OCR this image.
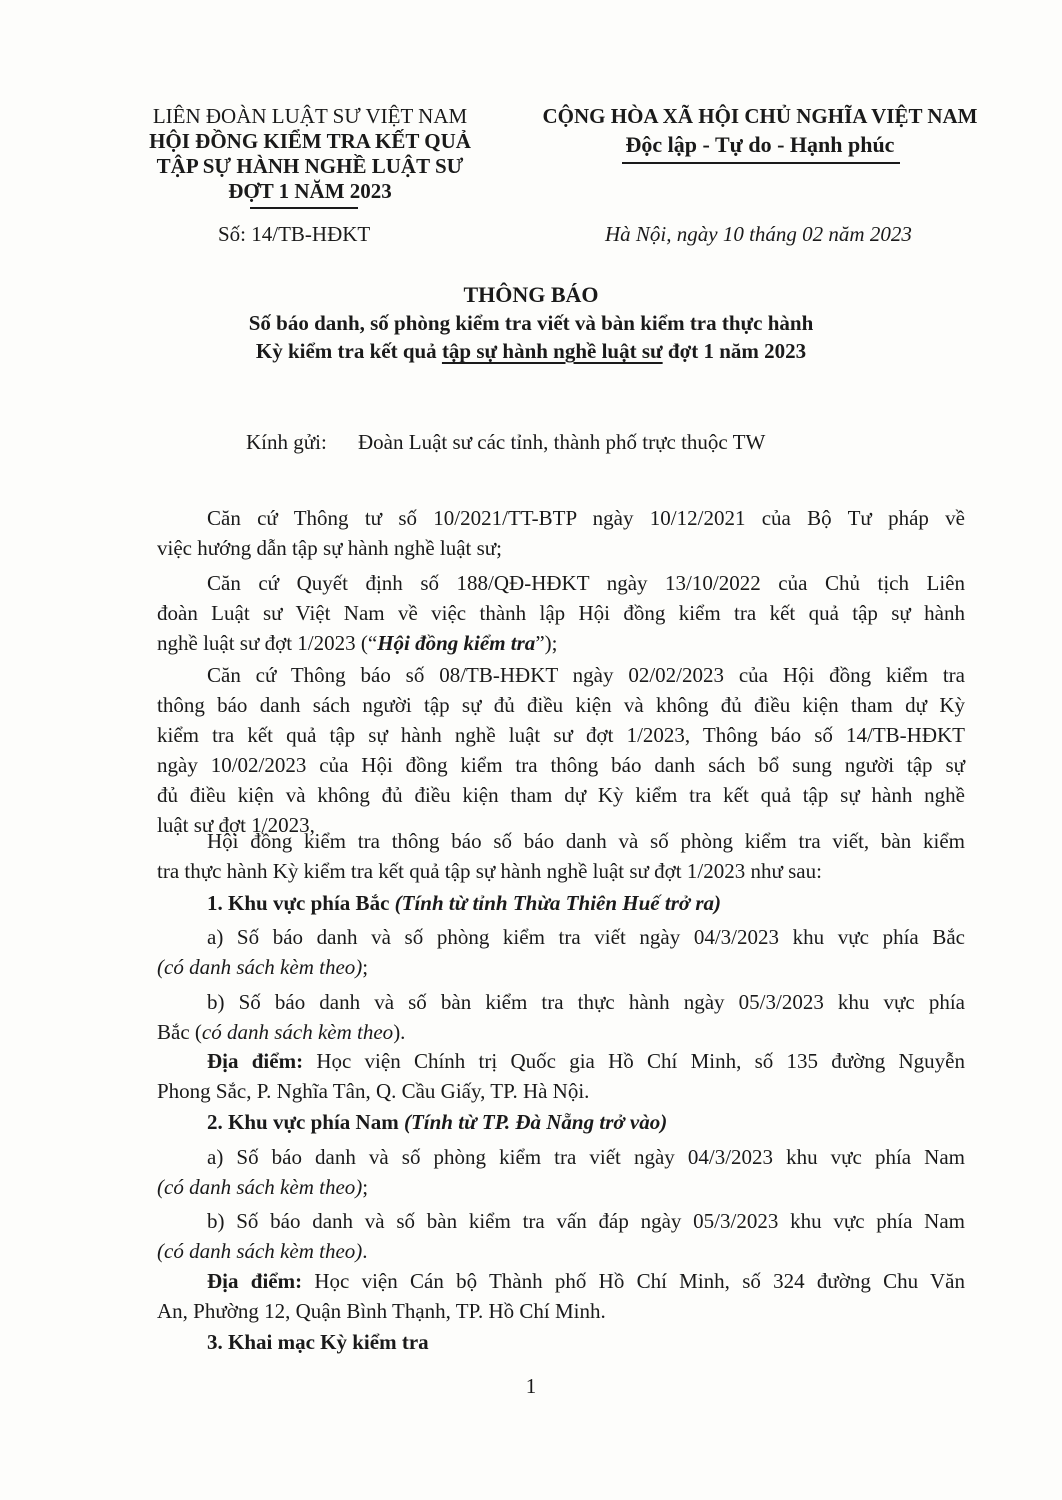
LIÊN ĐOÀN LUẬT SƯ VIỆT NAM
HỘI ĐỒNG KIỂM TRA KẾT QUẢ
TẬP SỰ HÀNH NGHỀ LUẬT SƯ
ĐỢT 1 NĂM 2023
CỘNG HÒA XÃ HỘI CHỦ NGHĨA VIỆT NAM
Độc lập - Tự do - Hạnh phúc
Số: 14/TB-HĐKT	Hà Nội, ngày 10 tháng 02 năm 2023
THÔNG BÁO
Số báo danh, số phòng kiểm tra viết và bàn kiểm tra thực hành
Kỳ kiểm tra kết quả tập sự hành nghề luật sư đợt 1 năm 2023
Kính gửi: Đoàn Luật sư các tỉnh, thành phố trực thuộc TW
Căn cứ Thông tư số 10/2021/TT-BTP ngày 10/12/2021 của Bộ Tư pháp về
việc hướng dẫn tập sự hành nghề luật sư;
Căn cứ Quyết định số 188/QĐ-HĐKT ngày 13/10/2022 của Chủ tịch Liên
đoàn Luật sư Việt Nam về việc thành lập Hội đồng kiểm tra kết quả tập sự hành
nghề luật sư đợt 1/2023 (“Hội đồng kiểm tra”);
Căn cứ Thông báo số 08/TB-HĐKT ngày 02/02/2023 của Hội đồng kiểm tra
thông báo danh sách người tập sự đủ điều kiện và không đủ điều kiện tham dự Kỳ
kiểm tra kết quả tập sự hành nghề luật sư đợt 1/2023, Thông báo số 14/TB-HĐKT
ngày 10/02/2023 của Hội đồng kiểm tra thông báo danh sách bổ sung người tập sự
đủ điều kiện và không đủ điều kiện tham dự Kỳ kiểm tra kết quả tập sự hành nghề
luật sư đợt 1/2023,
Hội đồng kiểm tra thông báo số báo danh và số phòng kiểm tra viết, bàn kiểm
tra thực hành Kỳ kiểm tra kết quả tập sự hành nghề luật sư đợt 1/2023 như sau:
1. Khu vực phía Bắc (Tính từ tỉnh Thừa Thiên Huế trở ra)
a) Số báo danh và số phòng kiểm tra viết ngày 04/3/2023 khu vực phía Bắc
(có danh sách kèm theo);
b) Số báo danh và số bàn kiểm tra thực hành ngày 05/3/2023 khu vực phía
Bắc (có danh sách kèm theo).
Địa điểm: Học viện Chính trị Quốc gia Hồ Chí Minh, số 135 đường Nguyễn
Phong Sắc, P. Nghĩa Tân, Q. Cầu Giấy, TP. Hà Nội.
2. Khu vực phía Nam (Tính từ TP. Đà Nẵng trở vào)
a) Số báo danh và số phòng kiểm tra viết ngày 04/3/2023 khu vực phía Nam
(có danh sách kèm theo);
b) Số báo danh và số bàn kiểm tra vấn đáp ngày 05/3/2023 khu vực phía Nam
(có danh sách kèm theo).
Địa điểm: Học viện Cán bộ Thành phố Hồ Chí Minh, số 324 đường Chu Văn
An, Phường 12, Quận Bình Thạnh, TP. Hồ Chí Minh.
3. Khai mạc Kỳ kiểm tra
1
